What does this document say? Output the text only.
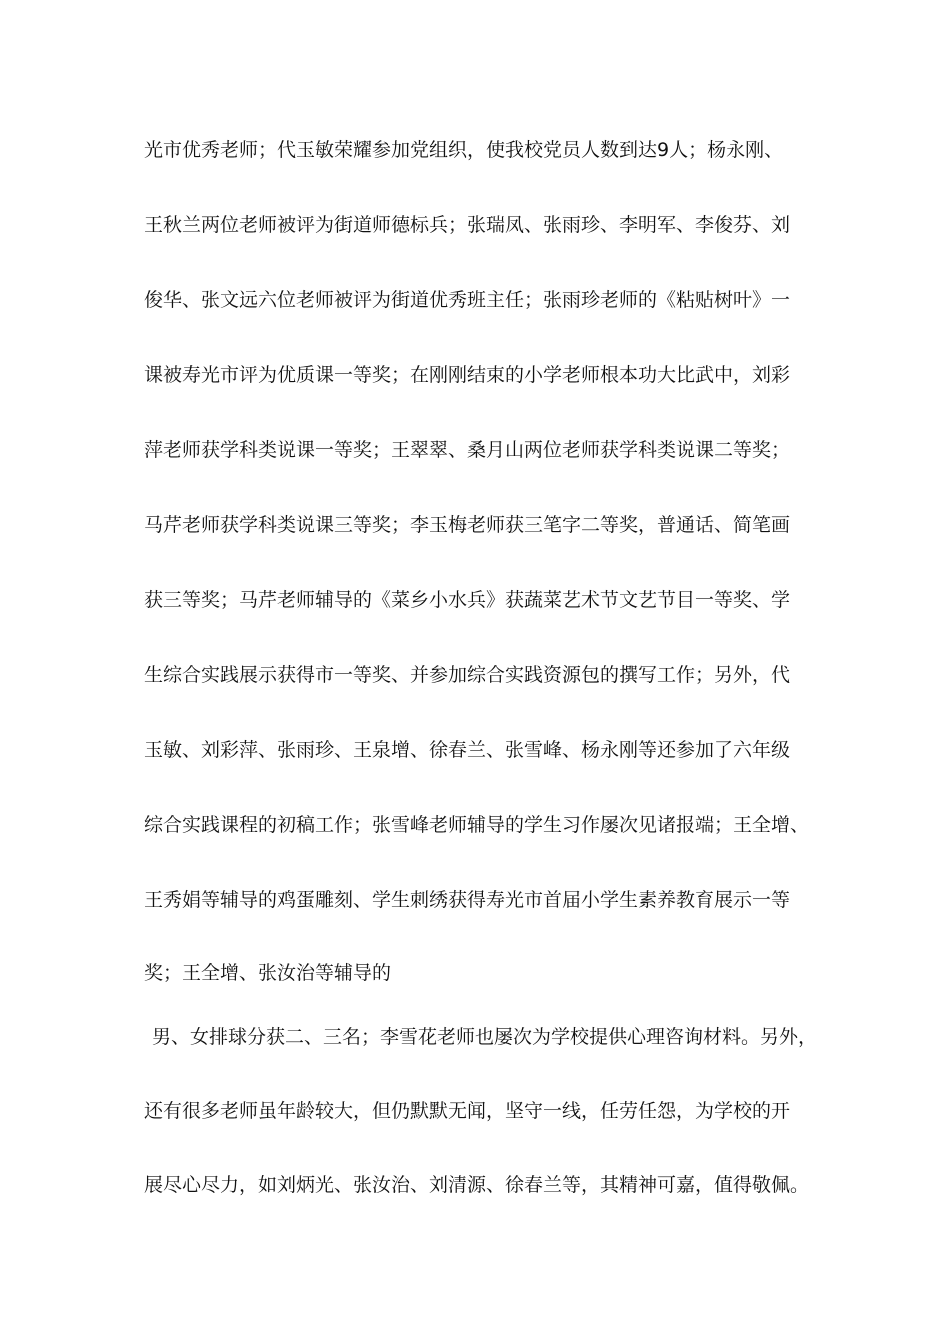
光市优秀老师；代玉敏荣耀参加党组织，使我校党员人数到达9人；杨永刚、
王秋兰两位老师被评为街道师德标兵；张瑞凤、张雨珍、李明军、李俊芬、刘
俊华、张文远六位老师被评为街道优秀班主任；张雨珍老师的《粘贴树叶》一
课被寿光市评为优质课一等奖；在刚刚结束的小学老师根本功大比武中，刘彩
萍老师获学科类说课一等奖；王翠翠、桑月山两位老师获学科类说课二等奖；
马芹老师获学科类说课三等奖；李玉梅老师获三笔字二等奖，普通话、简笔画
获三等奖；马芹老师辅导的《菜乡小水兵》获蔬菜艺术节文艺节目一等奖、学
生综合实践展示获得市一等奖、并参加综合实践资源包的撰写工作；另外，代
玉敏、刘彩萍、张雨珍、王泉增、徐春兰、张雪峰、杨永刚等还参加了六年级
综合实践课程的初稿工作；张雪峰老师辅导的学生习作屡次见诸报端；王全增、
王秀娟等辅导的鸡蛋雕刻、学生刺绣获得寿光市首届小学生素养教育展示一等
奖；王全增、张汝治等辅导的
男、女排球分获二、三名；李雪花老师也屡次为学校提供心理咨询材料。另外，
还有很多老师虽年龄较大，但仍默默无闻，坚守一线，任劳任怨，为学校的开
展尽心尽力，如刘炳光、张汝治、刘清源、徐春兰等，其精神可嘉，值得敬佩。
